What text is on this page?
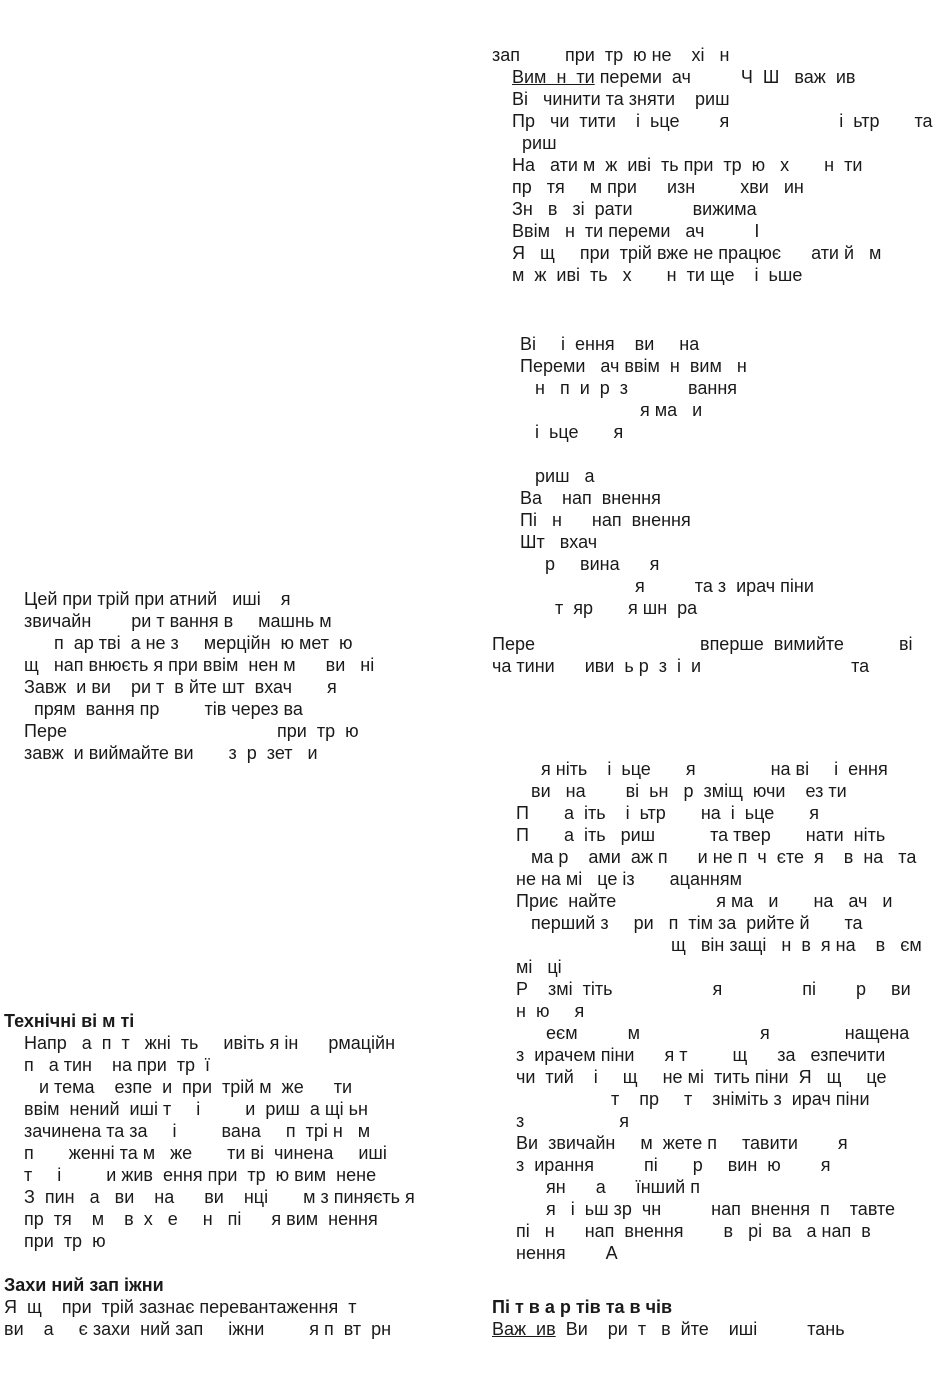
Цей при трій при атний   иші    я
звичайн        ри т вання в     машнь м
п  ар тві  а не з     мерційн  ю мет  ю
щ   нап внюєть я при ввім  нен м      ви   ні
Завж  и ви    ри т  в йте шт  вхач       я
прям  вання пр         тів через ва
Пере                                          при  тр  ю
завж  и виймайте ви       з  р  зет   и
Технічні ві м ті
Напр   а  п  т   жні  ть     ивіть я ін      рмаційн
п   а тин    на при  тр  ї
и тема    езпе  и  при  трій м  же      ти
ввім  нений  иші т     і         и  риш  а щі ьн
зачинена та за     і         вана     п  трі н   м
п       женні та м   же       ти ві  чинена     иші
т     і         и жив  ення при  тр  ю вим  нене
З  пин   а   ви    на      ви    нці       м з пиняєть я
пр  тя    м    в  х   е     н   пі      я вим  нення
при  тр  ю
Захи ний зап іжни
Я  щ    при  трій зазнає перевантаження  т
ви    а     є захи  ний зап     іжни         я п  вт  рн
зап         при  тр  ю не    хі   н
Вим  н  ти переми  ач          Ч  Ш   важ  ив
Ві   чинити та зняти    риш
Пр   чи  тити    і  ьце        я                      і  ьтр       та
риш
На   ати м  ж  иві  ть при  тр  ю   х       н  ти
пр   тя     м при      изн         хви   ин
Зн   в   зі  рати            вижима
Ввім   н  ти переми   ач          І
Я   щ     при  трій вже не працює      ати й   м
м  ж  иві  ть   х       н  ти ще    і  ьше
Ві     і  ення    ви     на
Переми   ач ввім  н  вим   н
н   п  и  р  з            вання
я ма   и
і  ьце       я
риш   а
Ва    нап  внення
Пі   н      нап  внення
Шт   вхач
р     вина      я
я          та з  ирач піни
т  яр       я шн  ра
Пере                                 вперше  вимийте           ві
ча тини      иви  ь р  з  і  и                              та
я ніть    і  ьце       я               на ві     і  ення
ви   на        ві  ьн   р  зміщ  ючи    ез ти
П       а  іть    і  ьтр       на  і  ьце       я
П       а  іть   риш           та твер       нати  ніть
ма р    ами  аж п      и не п  ч  єте  я    в  на   та
не на мі   це із       ацанням
Приє  найте                    я ма   и       на   ач   и
перший з     ри   п  тім за  рийте й       та
щ   він защі   н  в  я на    в   єм
мі   ці
Р    змі  тіть                    я                пі        р     ви
н  ю     я
еєм          м                        я               нащена
з  ирачем піни      я т         щ      за   езпечити
чи  тий    і     щ     не мі  тить піни  Я   щ     це
т    пр     т    зніміть з  ирач піни
з                   я
Ви  звичайн     м  жете п     тавити        я
з  ирання          пі       р     вин  ю        я
ян      а      їнший п
я   і  ьш зр  чн          нап  внення  п    тавте
пі   н      нап  внення        в   рі  ва   а нап  в
нення        А
Пі т в а р тів та в чів
Важ  ив  Ви    ри  т   в  йте    иші          тань
